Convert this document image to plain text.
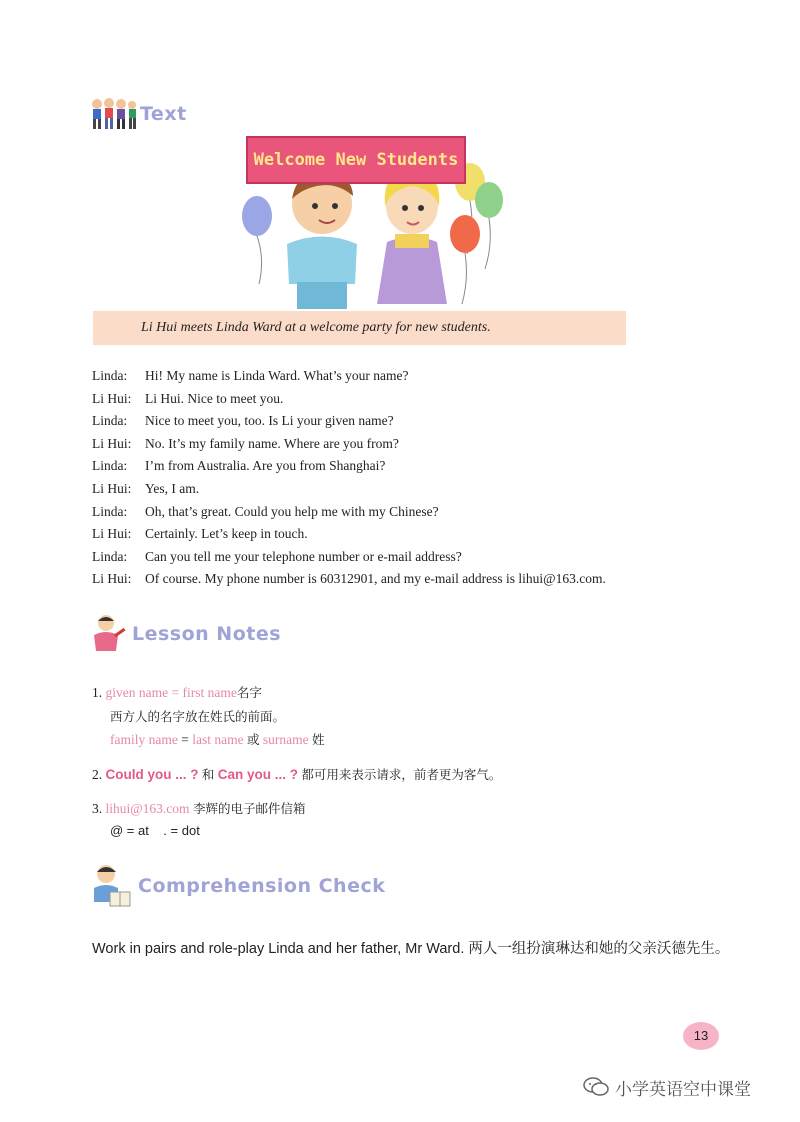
Text
Welcome New Students
Li Hui meets Linda Ward at a welcome party for new students.
Linda:	Hi! My name is Linda Ward. What’s your name?
Li Hui:	Li Hui. Nice to meet you.
Linda:	Nice to meet you, too. Is Li your given name?
Li Hui:	No. It’s my family name. Where are you from?
Linda:	I’m from Australia. Are you from Shanghai?
Li Hui:	Yes, I am.
Linda:	Oh, that’s great. Could you help me with my Chinese?
Li Hui:	Certainly. Let’s keep in touch.
Linda:	Can you tell me your telephone number or e-mail address?
Li Hui:	Of course. My phone number is 60312901, and my e-mail address is lihui@163.com.
Lesson Notes
1. given name = first name名字
西方人的名字放在姓氏的前面。
family name = last name 或 surname 姓
2. Could you ... ? 和 Can you ... ? 都可用来表示请求，前者更为客气。
3. lihui@163.com 李辉的电子邮件信箱
@ = at    . = dot
Comprehension Check
Work in pairs and role-play Linda and her father, Mr Ward. 两人一组扮演琳达和她的父亲沃德先生。
13
小学英语空中课堂
